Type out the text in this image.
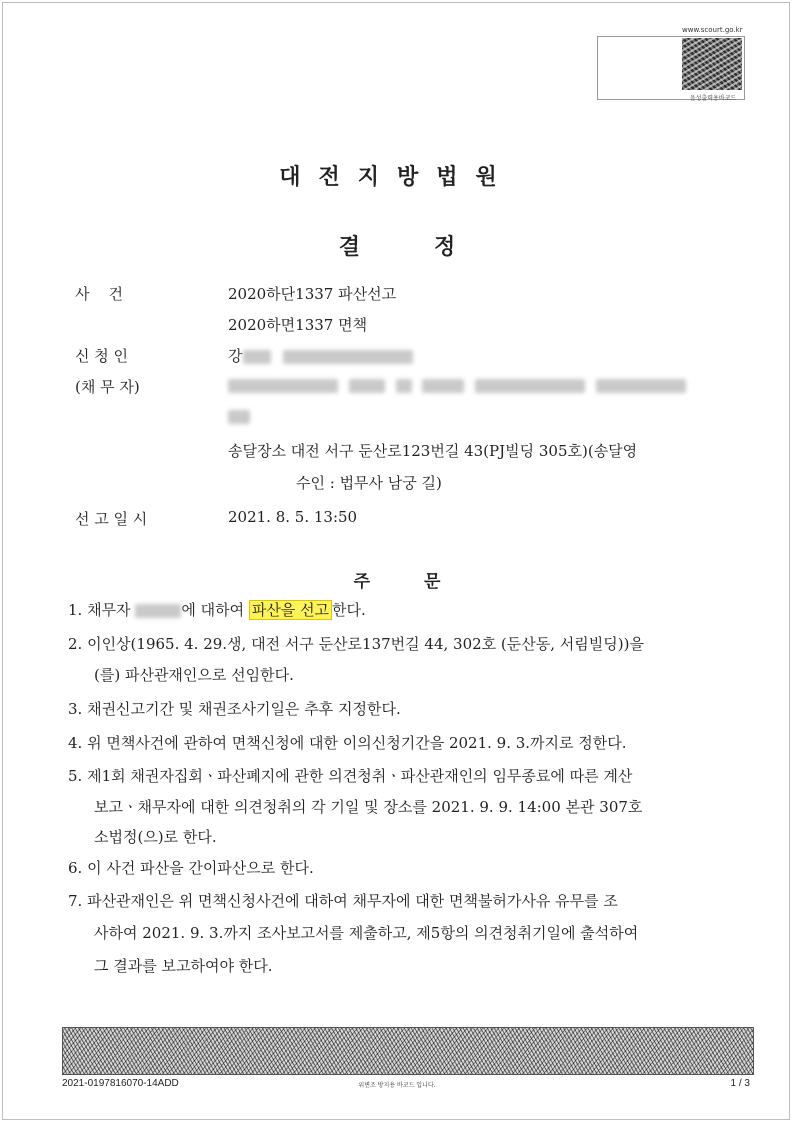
www.scourt.go.kr
음성출력용바코드
대전지방법원
결정
사    건	2020하단1337 파산선고
2020하면1337 면책
신 청 인	강
(채 무 자)

송달장소 대전 서구 둔산로123번길 43(PJ빌딩 305호)(송달영
수인 : 법무사 남궁 길)
선 고 일 시	2021. 8. 5. 13:50
주문
1. 채무자	에 대하여 파산을 선고 한다.
2. 이인상(1965. 4. 29.생, 대전 서구 둔산로137번길 44, 302호 (둔산동, 서림빌딩))을
(를) 파산관재인으로 선임한다.
3. 채권신고기간 및 채권조사기일은 추후 지정한다.
4. 위 면책사건에 관하여 면책신청에 대한 이의신청기간을 2021. 9. 3.까지로 정한다.
5. 제1회 채권자집회ㆍ파산폐지에 관한 의견청취ㆍ파산관재인의 임무종료에 따른 계산
보고ㆍ채무자에 대한 의견청취의 각 기일 및 장소를 2021. 9. 9. 14:00 본관 307호
소법정(으)로 한다.
6. 이 사건 파산을 간이파산으로 한다.
7. 파산관재인은 위 면책신청사건에 대하여 채무자에 대한 면책불허가사유 유무를 조
사하여 2021. 9. 3.까지 조사보고서를 제출하고, 제5항의 의견청취기일에 출석하여
그 결과를 보고하여야 한다.
2021-0197816070-14ADD	위변조 방지용 바코드 입니다.	1 / 3
